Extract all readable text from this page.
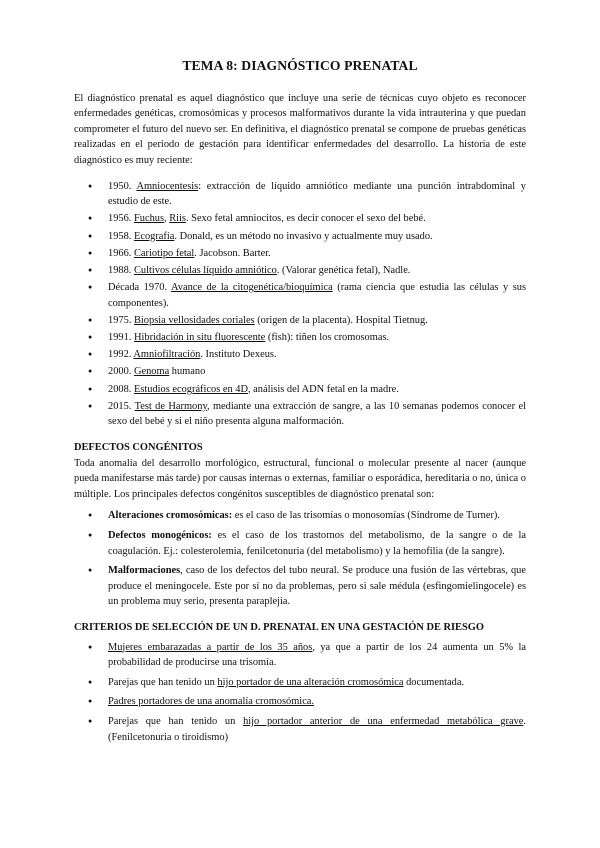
TEMA 8: DIAGNÓSTICO PRENATAL

El diagnóstico prenatal es aquel diagnóstico que incluye una serie de técnicas cuyo objeto es reconocer enfermedades genéticas, cromosómicas y procesos malformativos durante la vida intrauterina y que puedan comprometer el futuro del nuevo ser. En definitiva, el diagnóstico prenatal se compone de pruebas genéticas realizadas en el periodo de gestación para identificar enfermedades del desarrollo. La historia de este diagnóstico es muy reciente:

● 1950. Amniocentesis: extracción de líquido amniótico mediante una punción intrabdominal y estudio de este.
● 1956. Fuchus, Riis. Sexo fetal amniocitos, es decir conocer el sexo del bebé.
● 1958. Ecografía. Donald, es un método no invasivo y actualmente muy usado.
● 1966. Cariotipo fetal. Jacobson. Barter.
● 1988. Cultivos células líquido amniótico. (Valorar genética fetal), Nadle.
● Década 1970. Avance de la citogenética/bioquímica (rama ciencia que estudia las células y sus componentes).
● 1975. Biopsia vellosidades coriales (origen de la placenta). Hospital Tietnug.
● 1991. Hibridación in situ fluorescente (fish): tiñen los cromosomas.
● 1992. Amniofiltración. Instituto Dexeus.
● 2000. Genoma humano
● 2008. Estudios ecográficos en 4D, análisis del ADN fetal en la madre.
● 2015. Test de Harmony, mediante una extracción de sangre, a las 10 semanas podemos conocer el sexo del bebé y si el niño presenta alguna malformación.
DEFECTOS CONGÉNITOS

Toda anomalía del desarrollo morfológico, estructural, funcional o molecular presente al nacer (aunque pueda manifestarse más tarde) por causas internas o externas, familiar o esporádica, hereditaria o no, única o múltiple. Los principales defectos congénitos susceptibles de diagnóstico prenatal son:

● Alteraciones cromosómicas: es el caso de las trisomías o monosomías (Síndrome de Turner).
● Defectos monogénicos: es el caso de los trastornos del metabolismo, de la sangre o de la coagulación. Ej.: colesterolemia, fenilcetonuria (del metabolismo) y la hemofilia (de la sangre).
● Malformaciones, caso de los defectos del tubo neural. Se produce una fusión de las vértebras, que produce el meningocele. Este por sí no da problemas, pero si sale médula (esfingomielingocele) es un problema muy serio, presenta paraplejia.
CRITERIOS DE SELECCIÓN DE UN D. PRENATAL EN UNA GESTACIÓN DE RIESGO
● Mujeres embarazadas a partir de los 35 años, ya que a partir de los 24 aumenta un 5% la probabilidad de producirse una trisomía.
● Parejas que han tenido un hijo portador de una alteración cromosómica documentada.
● Padres portadores de una anomalía cromosómica.
● Parejas que han tenido un hijo portador anterior de una enfermedad metabólica grave. (Fenilcetonuria o tiroidismo)
